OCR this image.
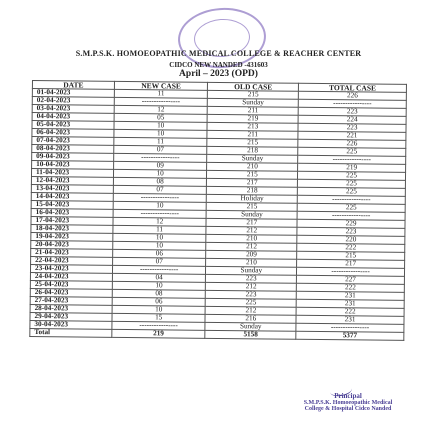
S.M.P.S.K. HOMOEOPATHIC MEDICAL COLLEGE & REACHER CENTER
CIDCO NEW NANDED -431603
April – 2023 (OPD)
DATE	NEW CASE	OLD CASE	TOTAL CASE
01-04-2023	11	215	226
02-04-2023	----------------	Sunday	----------------
03-04-2023	12	211	223
04-04-2023	05	219	224
05-04-2023	10	213	223
06-04-2023	10	211	221
07-04-2023	11	215	226
08-04-2023	07	218	225
09-04-2023	----------------	Sunday	----------------
10-04-2023	09	210	219
11-04-2023	10	215	225
12-04-2023	08	217	225
13-04-2023	07	218	225
14-04-2023	----------------	Holiday	----------------
15-04-2023	10	215	225
16-04-2023	----------------	Sunday	----------------
17-04-2023	12	217	229
18-04-2023	11	212	223
19-04-2023	10	210	220
20-04-2023	10	212	222
21-04-2023	06	209	215
22-04-2023	07	210	217
23-04-2023	----------------	Sunday	----------------
24-04-2023	04	223	227
25-04-2023	10	212	222
26-04-2023	08	223	231
27-04-2023	06	225	231
28-04-2023	10	212	222
29-04-2023	15	216	231
30-04-2023	----------------	Sunday	----------------
Total	219	5158	5377
Principal
S.M.P.S.K. Homoeopathic Medical
College & Hospital Cidco Nanded
